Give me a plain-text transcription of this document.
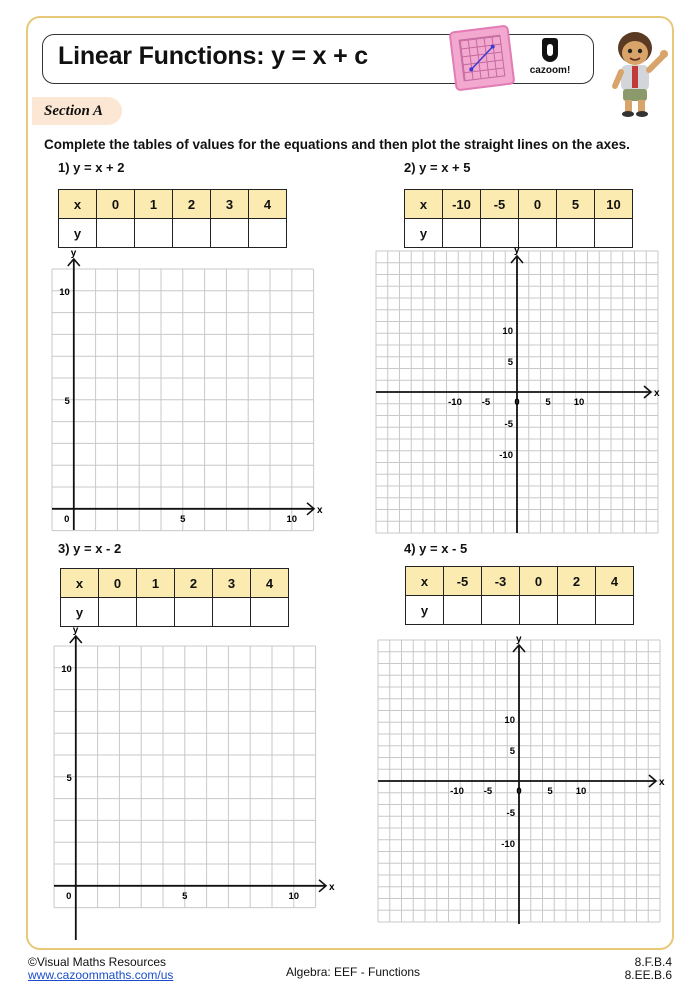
Linear Functions: y = x + c
cazoom!
Section A
Complete the tables of values for the equations and then plot the straight lines on the axes.
1) y = x + 2	2) y = x + 5
3) y = x - 2	4) y = x - 5
x	0	1	2	3	4
y					
x	-10	-5	0	5	10
y					
x	0	1	2	3	4
y					
x	-5	-3	0	2	4
y					
x
y
0	5	10
5
10
x
y
-10 -5	0	5 10
10
5
-5
-10
x
y
0	5	10
5
10
x
y
-10 -5	0	5 10
10
5
-5
-10
©Visual Maths Resources
www.cazoommaths.com/us	Algebra: EEF - Functions
8.F.B.4
8.EE.B.6
